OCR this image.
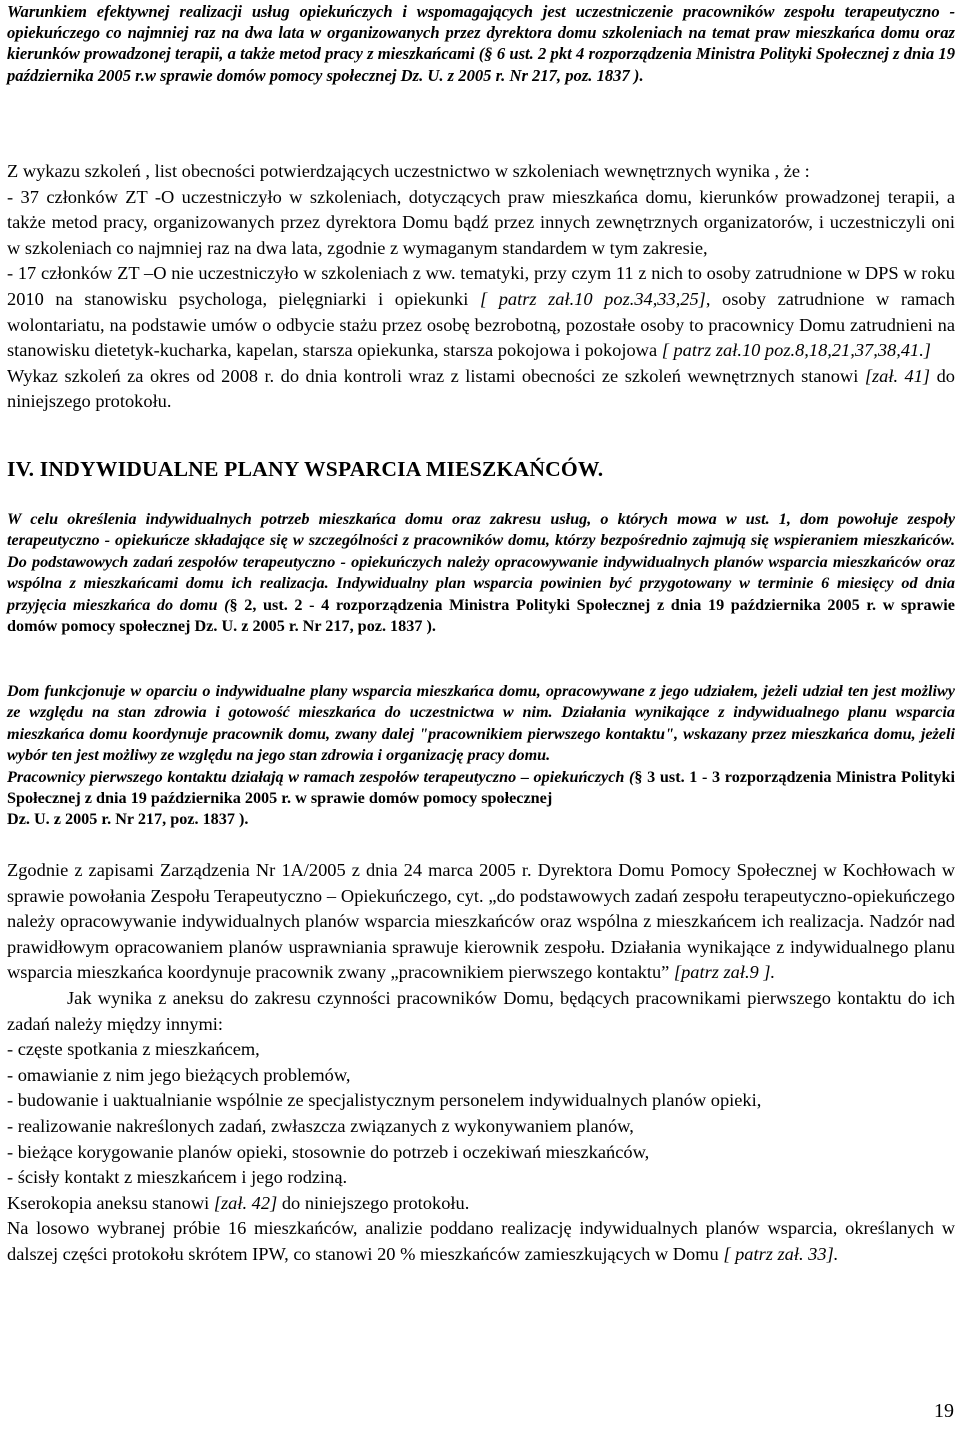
Warunkiem efektywnej realizacji usług opiekuńczych i wspomagających jest uczestniczenie pracowników zespołu terapeutyczno - opiekuńczego co najmniej raz na dwa lata w organizowanych przez dyrektora domu szkoleniach na temat praw mieszkańca domu oraz kierunków prowadzonej terapii, a także metod pracy z mieszkańcami (§ 6 ust. 2 pkt 4 rozporządzenia Ministra Polityki Społecznej z dnia 19 października 2005 r.w sprawie domów pomocy społecznej Dz. U. z 2005 r. Nr 217, poz. 1837 ).

Z wykazu szkoleń , list obecności potwierdzających uczestnictwo w szkoleniach wewnętrznych wynika , że :
- 37 członków ZT -O uczestniczyło w szkoleniach, dotyczących praw mieszkańca domu, kierunków prowadzonej terapii, a także metod pracy, organizowanych przez dyrektora Domu bądź przez innych zewnętrznych organizatorów, i uczestniczyli oni w szkoleniach co najmniej raz na dwa lata, zgodnie z wymaganym standardem w tym zakresie,
- 17 członków ZT –O nie uczestniczyło w szkoleniach z ww. tematyki, przy czym 11 z nich to osoby zatrudnione w DPS w roku 2010 na stanowisku psychologa, pielęgniarki i opiekunki [ patrz zał.10 poz.34,33,25], osoby zatrudnione w ramach wolontariatu, na podstawie umów o odbycie stażu przez osobę bezrobotną, pozostałe osoby to pracownicy Domu zatrudnieni na stanowisku dietetyk-kucharka, kapelan, starsza opiekunka, starsza pokojowa i pokojowa [ patrz zał.10 poz.8,18,21,37,38,41.]
Wykaz szkoleń za okres od 2008 r. do dnia kontroli wraz z listami obecności ze szkoleń wewnętrznych stanowi [zał. 41] do niniejszego protokołu.
IV. INDYWIDUALNE PLANY WSPARCIA MIESZKAŃCÓW.

W celu określenia indywidualnych potrzeb mieszkańca domu oraz zakresu usług, o których mowa w ust. 1, dom powołuje zespoły terapeutyczno - opiekuńcze składające się w szczególności z pracowników domu, którzy bezpośrednio zajmują się wspieraniem mieszkańców. Do podstawowych zadań zespołów terapeutyczno - opiekuńczych należy opracowywanie indywidualnych planów wsparcia mieszkańców oraz wspólna z mieszkańcami domu ich realizacja. Indywidualny plan wsparcia powinien być przygotowany w terminie 6 miesięcy od dnia przyjęcia mieszkańca do domu (§ 2, ust. 2 - 4 rozporządzenia Ministra Polityki Społecznej z dnia 19 października 2005 r. w sprawie domów pomocy społecznej Dz. U. z 2005 r. Nr 217, poz. 1837 ).

Dom funkcjonuje w oparciu o indywidualne plany wsparcia mieszkańca domu, opracowywane z jego udziałem, jeżeli udział ten jest możliwy ze względu na stan zdrowia i gotowość mieszkańca do uczestnictwa w nim. Działania wynikające z indywidualnego planu wsparcia mieszkańca domu koordynuje pracownik domu, zwany dalej "pracownikiem pierwszego kontaktu", wskazany przez mieszkańca domu, jeżeli wybór ten jest możliwy ze względu na jego stan zdrowia i organizację pracy domu.
Pracownicy pierwszego kontaktu działają w ramach zespołów terapeutyczno – opiekuńczych (§ 3 ust. 1 - 3 rozporządzenia Ministra Polityki Społecznej z dnia 19 października 2005 r. w sprawie domów pomocy społecznej
Dz. U. z 2005 r. Nr 217, poz. 1837 ).
Zgodnie z zapisami Zarządzenia Nr 1A/2005 z dnia 24 marca 2005 r. Dyrektora Domu Pomocy Społecznej w Kochłowach w sprawie powołania Zespołu Terapeutyczno – Opiekuńczego, cyt. „do podstawowych zadań zespołu terapeutyczno-opiekuńczego należy opracowywanie indywidualnych planów wsparcia mieszkańców oraz wspólna z mieszkańcem ich realizacja. Nadzór nad prawidłowym opracowaniem planów usprawniania sprawuje kierownik zespołu. Działania wynikające z indywidualnego planu wsparcia mieszkańca koordynuje pracownik zwany „pracownikiem pierwszego kontaktu” [patrz zał.9 ].
Jak wynika z aneksu do zakresu czynności pracowników Domu, będących pracownikami pierwszego kontaktu do ich zadań należy między innymi:
- częste spotkania z mieszkańcem,
- omawianie z nim jego bieżących problemów,
- budowanie i uaktualnianie wspólnie ze specjalistycznym personelem indywidualnych planów opieki,
- realizowanie nakreślonych zadań, zwłaszcza związanych z wykonywaniem planów,
- bieżące korygowanie planów opieki, stosownie do potrzeb i oczekiwań mieszkańców,
- ścisły kontakt z mieszkańcem i jego rodziną.
Kserokopia aneksu stanowi [zał. 42] do niniejszego protokołu.
Na losowo wybranej próbie 16 mieszkańców, analizie poddano realizację indywidualnych planów wsparcia, określanych w dalszej części protokołu skrótem IPW, co stanowi 20 % mieszkańców zamieszkujących w Domu [ patrz zał. 33].
19
